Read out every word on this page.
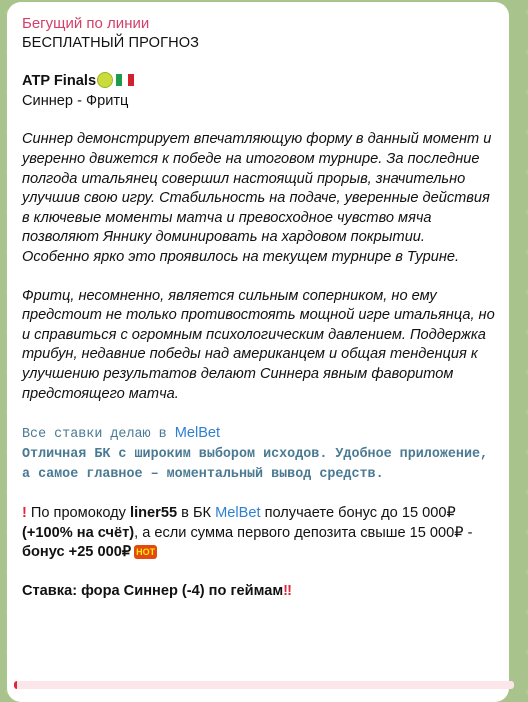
Бегущий по линии
БЕСПЛАТНЫЙ ПРОГНОЗ
ATP Finals
Синнер - Фритц
Синнер демонстрирует впечатляющую форму в данный момент и уверенно движется к победе на итоговом турнире. За последние полгода итальянец совершил настоящий прорыв, значительно улучшив свою игру. Стабильность на подаче, уверенные действия в ключевые моменты матча и превосходное чувство мяча позволяют Яннику доминировать на хардовом покрытии. Особенно ярко это проявилось на текущем турнире в Турине.
Фритц, несомненно, является сильным соперником, но ему предстоит не только противостоять мощной игре итальянца, но и справиться с огромным психологическим давлением. Поддержка трибун, недавние победы над американцем и общая тенденция к улучшению результатов делают Синнера явным фаворитом предстоящего матча.
Все ставки делаю в MelBet
Отличная БК с широким выбором исходов. Удобное приложение, а самое главное – моментальный вывод средств.
! По промокоду liner55 в БК MelBet получаете бонус до 15 000₽ (+100% на счёт), а если сумма первого депозита свыше 15 000₽ - бонус +25 000₽ HOT
Ставка: фора Синнер (-4) по геймам‼
